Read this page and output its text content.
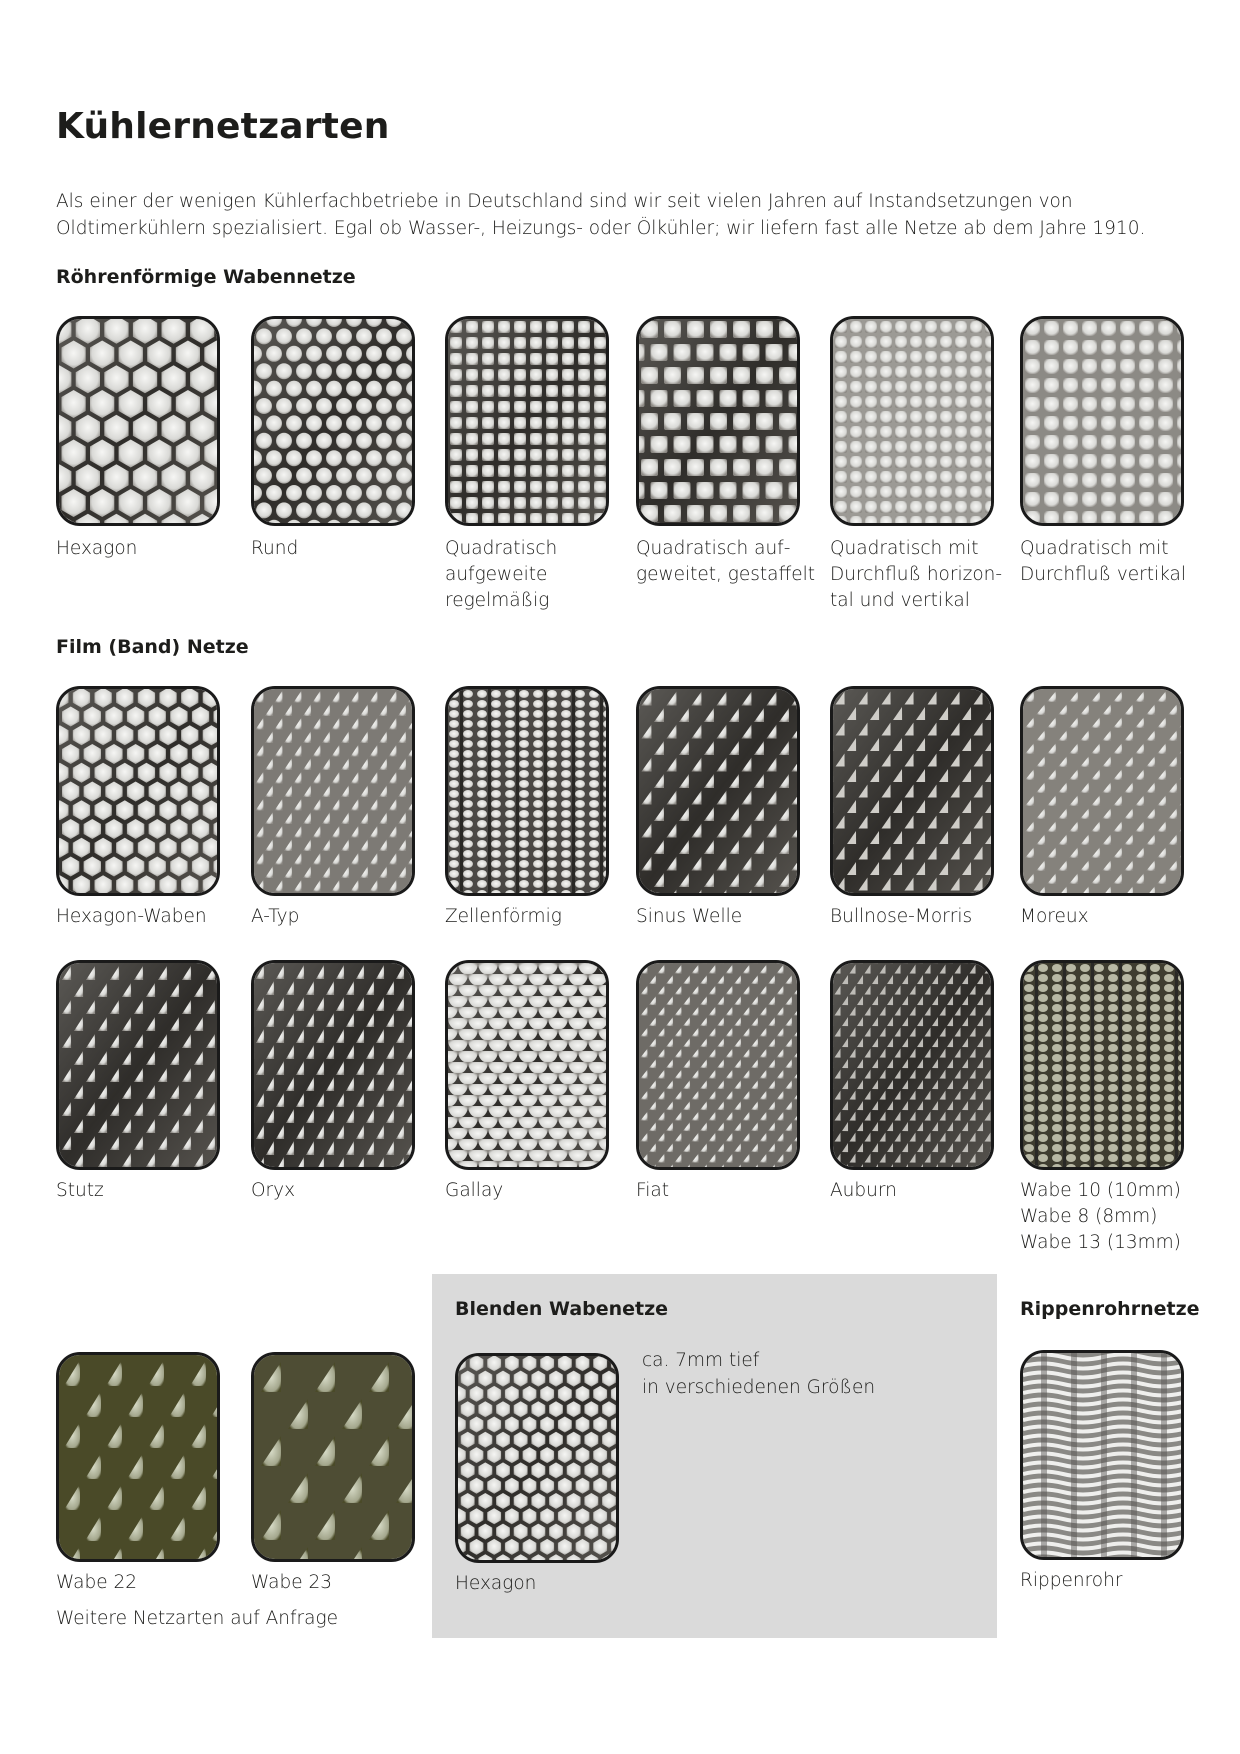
Kühlernetzarten

Als einer der wenigen Kühlerfachbetriebe in Deutschland sind wir seit vielen Jahren auf Instandsetzungen von Oldtimerkühlern spezialisiert. Egal ob Wasser-, Heizungs- oder Ölkühler; wir liefern fast alle Netze ab dem Jahre 1910.

Röhrenförmige Wabennetze
Hexagon	Rund	Quadratisch
aufgeweite
regelmäßig
Quadratisch auf-
geweitet, gestaffelt
Quadratisch mit
Durchfluß horizon-
tal und vertikal
Quadratisch mit
Durchfluß vertikal
Film (Band) Netze
Hexagon-Waben A-Typ	Zellenförmig	Sinus Welle	Bullnose-Morris	Moreux
Stutz	Oryx	Gallay	Fiat	Auburn	Wabe 10 (10mm)
Wabe 8 (8mm)
Wabe 13 (13mm)
Wabe 22	Wabe 23
Weitere Netzarten auf Anfrage
Blenden Wabenetze
Hexagon
ca. 7mm tief
in verschiedenen Größen
Rippenrohrnetze
Rippenrohr
